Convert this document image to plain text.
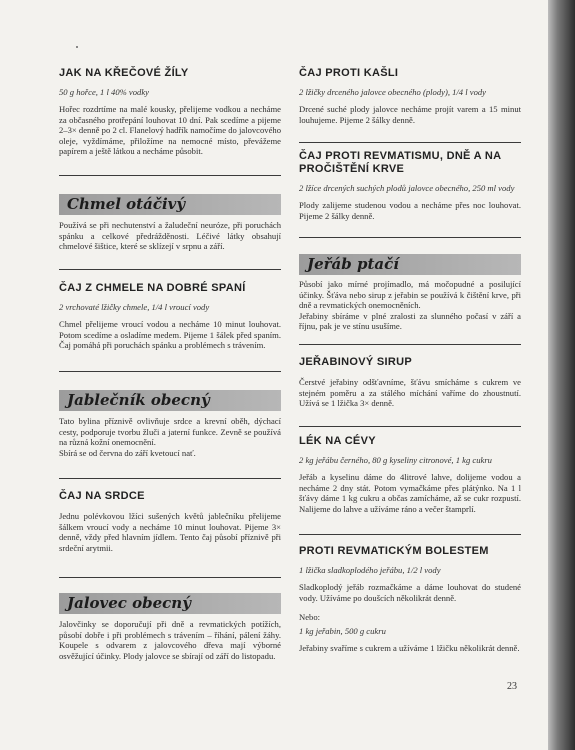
JAK NA KŘEČOVÉ ŽÍLY
50 g hořce, 1 l 40% vodky
Hořec rozdrtíme na malé kousky, přelijeme vodkou a necháme za občasného protřepání louhovat 10 dní. Pak scedíme a pijeme 2–3× denně po 2 cl. Flanelový hadřík namočíme do jalovcového oleje, vyždímáme, přiložíme na nemocné místo, převážeme papírem a ještě látkou a necháme působit.
Chmel otáčivý
Používá se při nechutenství a žaludeční neuróze, při poruchách spánku a celkové předrážděnosti. Léčivé látky obsahují chmelové šištice, které se sklízejí v srpnu a září.
ČAJ Z CHMELE NA DOBRÉ SPANÍ
2 vrchovaté lžičky chmele, 1/4 l vroucí vody
Chmel přelijeme vroucí vodou a necháme 10 minut louhovat. Potom scedíme a osladíme medem. Pijeme 1 šálek před spaním. Čaj pomáhá při poruchách spánku a problémech s trávením.
Jablečník obecný
Tato bylina příznivě ovlivňuje srdce a krevní oběh, dýchací cesty, podporuje tvorbu žluči a jaterní funkce. Zevně se používá na různá kožní onemocnění.
Sbírá se od června do září kvetoucí nať.
ČAJ NA SRDCE
Jednu polévkovou lžíci sušených květů jablečníku přelijeme šálkem vroucí vody a necháme 10 minut louhovat. Pijeme 3× denně, vždy před hlavním jídlem. Tento čaj působí příznivě při srdeční arytmii.
Jalovec obecný
Jalovčinky se doporučují při dně a revmatických potížích, působí dobře i při problémech s trávením – říhání, pálení žáhy. Koupele s odvarem z jalovcového dřeva mají výborné osvěžující účinky. Plody jalovce se sbírají od září do listopadu.
ČAJ PROTI KAŠLI
2 lžičky drceného jalovce obecného (plody), 1/4 l vody
Drcené suché plody jalovce necháme projít varem a 15 minut louhujeme. Pijeme 2 šálky denně.
ČAJ PROTI REVMATISMU, DNĚ A NA PROČIŠTĚNÍ KRVE
2 lžíce drcených suchých plodů jalovce obecného, 250 ml vody
Plody zalijeme studenou vodou a necháme přes noc louhovat. Pijeme 2 šálky denně.
Jeřáb ptačí
Působí jako mírné projímadlo, má močopudné a posilující účinky. Šťáva nebo sirup z jeřabin se používá k čištění krve, při dně a revmatických onemocněních.
Jeřabiny sbíráme v plné zralosti za slunného počasí v září a říjnu, pak je ve stínu usušíme.
JEŘABINOVÝ SIRUP
Čerstvé jeřabiny odšťavníme, šťávu smícháme s cukrem ve stejném poměru a za stálého míchání vaříme do zhoustnutí. Užívá se 1 lžička 3× denně.
LÉK NA CÉVY
2 kg jeřábu černého, 80 g kyseliny citronové, 1 kg cukru
Jeřáb a kyselinu dáme do 4litrové lahve, dolijeme vodou a necháme 2 dny stát. Potom vymačkáme přes plátýnko. Na 1 l šťávy dáme 1 kg cukru a občas zamícháme, až se cukr rozpustí. Nalijeme do lahve a užíváme ráno a večer štamprlí.
PROTI REVMATICKÝM BOLESTEM
1 lžička sladkoplodého jeřábu, 1/2 l vody
Sladkoplodý jeřáb rozmačkáme a dáme louhovat do studené vody. Užíváme po doušcích několikrát denně.
Nebo:
1 kg jeřabin, 500 g cukru
Jeřabiny svaříme s cukrem a užíváme 1 lžičku několikrát denně.
23
